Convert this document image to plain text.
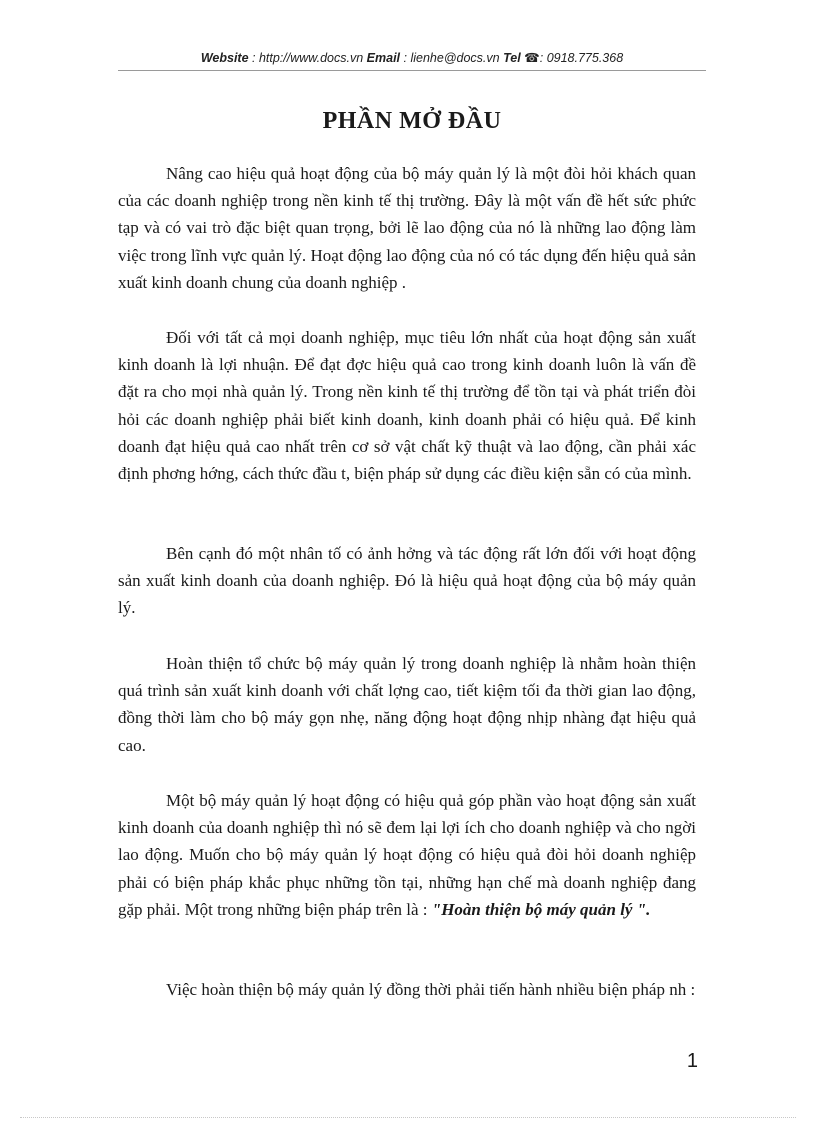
Website : http://www.docs.vn Email : lienhe@docs.vn Tel ☎: 0918.775.368
PHẦN MỞ ĐẦU

Nâng cao hiệu quả hoạt động của bộ máy quản lý là một đòi hỏi khách quan của các doanh nghiệp trong nền kinh tế thị trường. Đây là một vấn đề hết sức phức tạp và có vai trò đặc biệt quan trọng, bởi lẽ lao động của nó là những lao động làm việc trong lĩnh vực quản lý. Hoạt động lao động của nó có tác dụng đến hiệu quả sản xuất kinh doanh chung của doanh nghiệp .

Đối với tất cả mọi doanh nghiệp, mục tiêu lớn nhất của hoạt động sản xuất kinh doanh là lợi nhuận. Để đạt đợc hiệu quả cao trong kinh doanh luôn là vấn đề đặt ra cho mọi nhà quản lý. Trong nền kinh tế thị trường để tồn tại và phát triển đòi hỏi các doanh nghiệp phải biết kinh doanh, kinh doanh phải có hiệu quả. Để kinh doanh đạt hiệu quả cao nhất trên cơ sở vật chất kỹ thuật và lao động, cần phải xác định phơng hớng, cách thức đầu t, biện pháp sử dụng các điều kiện sẵn có của mình.

Bên cạnh đó một nhân tố có ảnh hởng và tác động rất lớn đối với hoạt động sản xuất kinh doanh của doanh nghiệp. Đó là hiệu quả hoạt động của bộ máy quản lý.

Hoàn thiện tổ chức bộ máy quản lý trong doanh nghiệp là nhằm hoàn thiện quá trình sản xuất kinh doanh với chất lợng cao, tiết kiệm tối đa thời gian lao động, đồng thời làm cho bộ máy gọn nhẹ, năng động hoạt động nhịp nhàng đạt hiệu quả cao.

Một bộ máy quản lý hoạt động có hiệu quả góp phần vào hoạt động sản xuất kinh doanh của doanh nghiệp thì nó sẽ đem lại lợi ích cho doanh nghiệp và cho ngời lao động. Muốn cho bộ máy quản lý hoạt động có hiệu quả đòi hỏi doanh nghiệp phải có biện pháp khắc phục những tồn tại, những hạn chế mà doanh nghiệp đang gặp phải. Một trong những biện pháp trên là : "Hoàn thiện bộ máy quản lý ".

Việc hoàn thiện bộ máy quản lý đồng thời phải tiến hành nhiều biện pháp nh :

1
